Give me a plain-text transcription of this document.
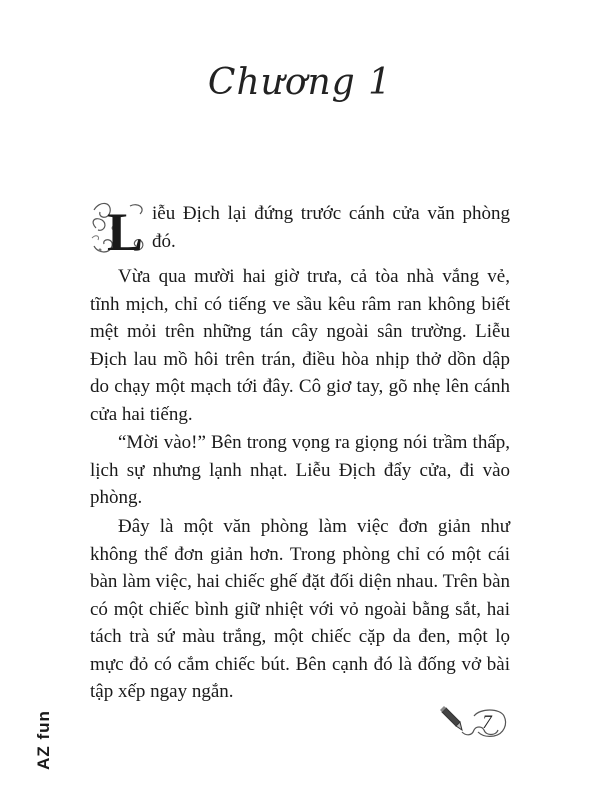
Chương 1
L iễu Địch lại đứng trước cánh cửa văn phòng đó.
Vừa qua mười hai giờ trưa, cả tòa nhà vắng vẻ, tĩnh mịch, chỉ có tiếng ve sầu kêu râm ran không biết mệt mỏi trên những tán cây ngoài sân trường. Liễu Địch lau mồ hôi trên trán, điều hòa nhịp thở dồn dập do chạy một mạch tới đây. Cô giơ tay, gõ nhẹ lên cánh cửa hai tiếng.
“Mời vào!” Bên trong vọng ra giọng nói trầm thấp, lịch sự nhưng lạnh nhạt. Liễu Địch đẩy cửa, đi vào phòng.
Đây là một văn phòng làm việc đơn giản như không thể đơn giản hơn. Trong phòng chỉ có một cái bàn làm việc, hai chiếc ghế đặt đối diện nhau. Trên bàn có một chiếc bình giữ nhiệt với vỏ ngoài bằng sắt, hai tách trà sứ màu trắng, một chiếc cặp da đen, một lọ mực đỏ có cắm chiếc bút. Bên cạnh đó là đống vở bài tập xếp ngay ngắn.
AZ fun	7
